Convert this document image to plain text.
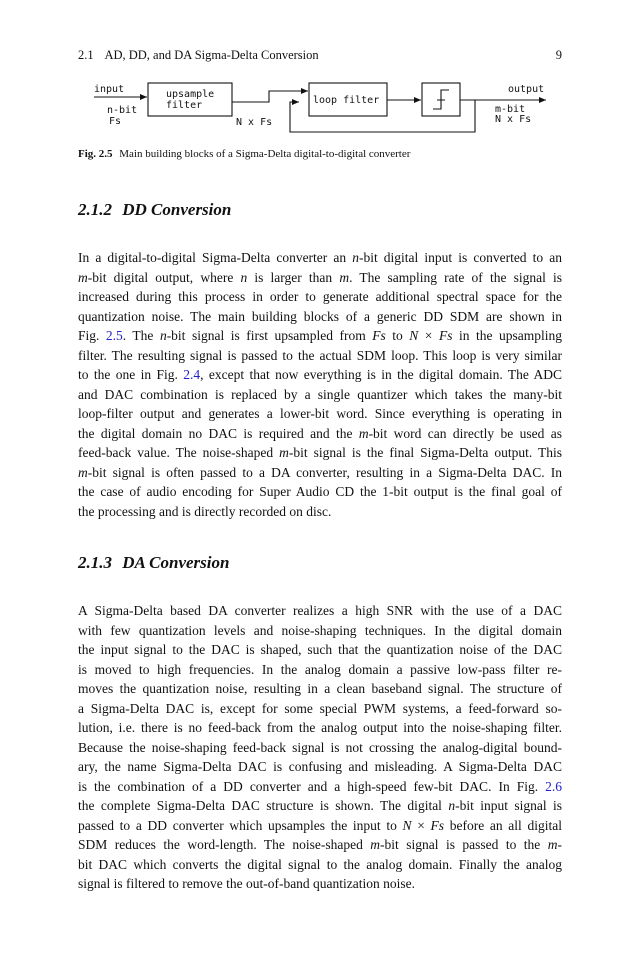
2.1 AD, DD, and DA Sigma-Delta Conversion	9
input
n-bit
Fs
upsample
filter
N x Fs
loop filter
output
m-bit
N x Fs
Fig. 2.5 Main building blocks of a Sigma-Delta digital-to-digital converter
2.1.2 DD Conversion

In a digital-to-digital Sigma-Delta converter an n-bit digital input is converted to an
m-bit digital output, where n is larger than m. The sampling rate of the signal is
increased during this process in order to generate additional spectral space for the
quantization noise. The main building blocks of a generic DD SDM are shown in
Fig. 2.5. The n-bit signal is first upsampled from Fs to N × Fs in the upsampling
filter. The resulting signal is passed to the actual SDM loop. This loop is very similar
to the one in Fig. 2.4, except that now everything is in the digital domain. The ADC
and DAC combination is replaced by a single quantizer which takes the many-bit
loop-filter output and generates a lower-bit word. Since everything is operating in
the digital domain no DAC is required and the m-bit word can directly be used as
feed-back value. The noise-shaped m-bit signal is the final Sigma-Delta output. This
m-bit signal is often passed to a DA converter, resulting in a Sigma-Delta DAC. In
the case of audio encoding for Super Audio CD the 1-bit output is the final goal of
the processing and is directly recorded on disc.

2.1.3 DA Conversion

A Sigma-Delta based DA converter realizes a high SNR with the use of a DAC
with few quantization levels and noise-shaping techniques. In the digital domain
the input signal to the DAC is shaped, such that the quantization noise of the DAC
is moved to high frequencies. In the analog domain a passive low-pass filter re-
moves the quantization noise, resulting in a clean baseband signal. The structure of
a Sigma-Delta DAC is, except for some special PWM systems, a feed-forward so-
lution, i.e. there is no feed-back from the analog output into the noise-shaping filter.
Because the noise-shaping feed-back signal is not crossing the analog-digital bound-
ary, the name Sigma-Delta DAC is confusing and misleading. A Sigma-Delta DAC
is the combination of a DD converter and a high-speed few-bit DAC. In Fig. 2.6
the complete Sigma-Delta DAC structure is shown. The digital n-bit input signal is
passed to a DD converter which upsamples the input to N × Fs before an all digital
SDM reduces the word-length. The noise-shaped m-bit signal is passed to the m-
bit DAC which converts the digital signal to the analog domain. Finally the analog
signal is filtered to remove the out-of-band quantization noise.
